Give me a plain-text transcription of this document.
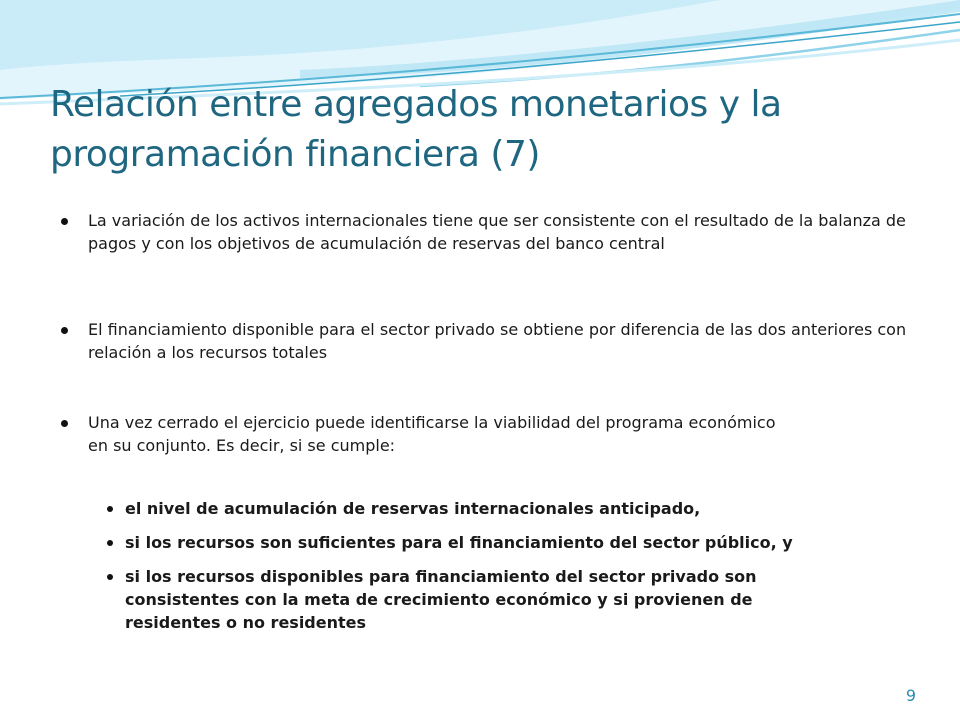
Relación entre agregados monetarios y la programación financiera (7)
La variación de los activos internacionales tiene que ser consistente con el resultado de la balanza de pagos y con los objetivos de acumulación de reservas del banco central
El financiamiento disponible para el sector privado se obtiene por diferencia de las dos anteriores con relación a los recursos totales
Una vez cerrado el ejercicio puede identificarse la viabilidad del programa económico en su conjunto. Es decir, si se cumple:
el nivel de acumulación de reservas internacionales anticipado,
si los recursos son suficientes para el financiamiento del sector público, y
si los recursos disponibles para financiamiento del sector privado son consistentes con la meta de crecimiento económico y si provienen de residentes o no residentes
9
